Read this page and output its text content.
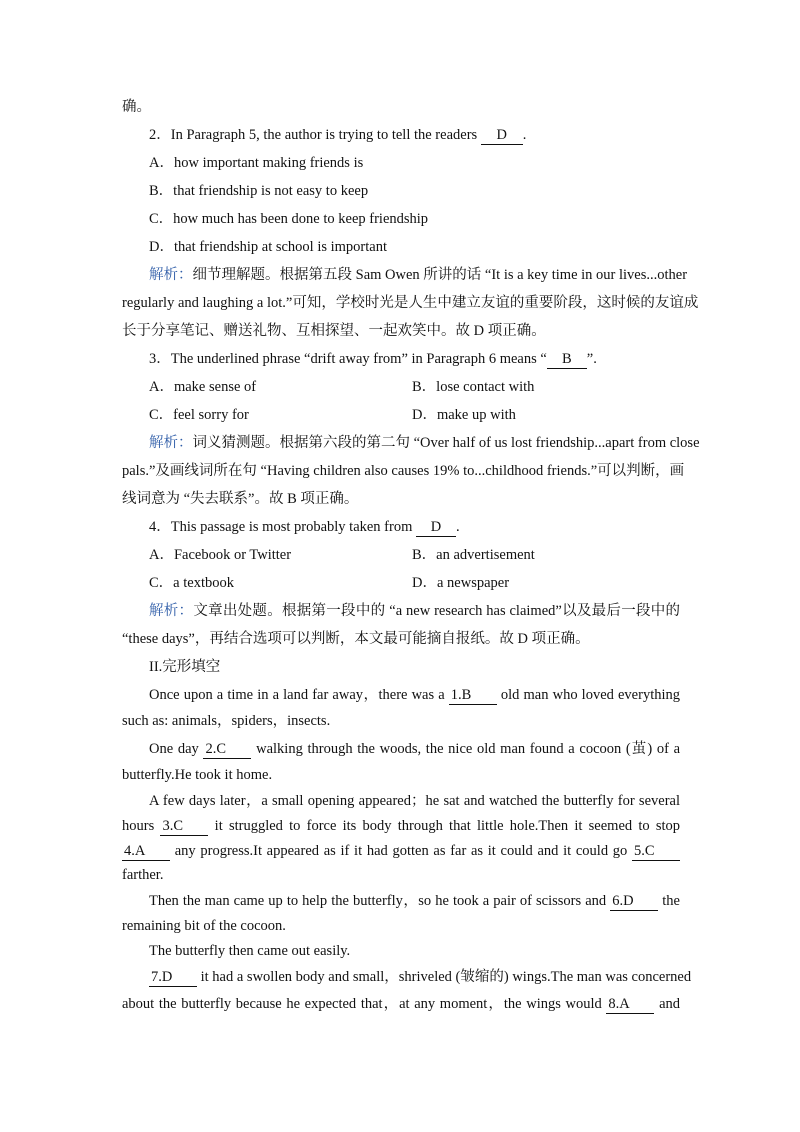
确。
2．In Paragraph 5, the author is trying to tell the readers D .
A．how important making friends is
B．that friendship is not easy to keep
C．how much has been done to keep friendship
D．that friendship at school is important
解析：细节理解题。根据第五段 Sam Owen 所讲的话 “It is a key time in our lives...other
regularly and laughing a lot.”可知，学校时光是人生中建立友谊的重要阶段，这时候的友谊成
长于分享笔记、赠送礼物、互相探望、一起欢笑中。故 D 项正确。
3．The underlined phrase “drift away from” in Paragraph 6 means “ B ”.
A．make sense of	B．lose contact with
C．feel sorry for	D．make up with
解析：词义猜测题。根据第六段的第二句 “Over half of us lost friendship...apart from close
pals.”及画线词所在句 “Having children also causes 19% to...childhood friends.”可以判断，画
线词意为 “失去联系”。故 B 项正确。
4．This passage is most probably taken from D .
A．Facebook or Twitter	B．an advertisement
C．a textbook	D．a newspaper
解析：文章出处题。根据第一段中的 “a new research has claimed”以及最后一段中的
“these days”，再结合选项可以判断，本文最可能摘自报纸。故 D 项正确。
II.完形填空
Once upon a time in a land far away，there was a 1.B old man who loved everything
such as: animals，spiders，insects.
One day 2.C walking through the woods, the nice old man found a cocoon (茧) of a
butterfly.He took it home.
A few days later，a small opening appeared；he sat and watched the butterfly for several
hours 3.C it struggled to force its body through that little hole.Then it seemed to stop
4.A any progress.It appeared as if it had gotten as far as it could and it could go 5.C
farther.
Then the man came up to help the butterfly，so he took a pair of scissors and 6.D the
remaining bit of the cocoon.
The butterfly then came out easily.
7.D it had a swollen body and small，shriveled (皱缩的) wings.The man was concerned
about the butterfly because he expected that，at any moment，the wings would 8.A and
